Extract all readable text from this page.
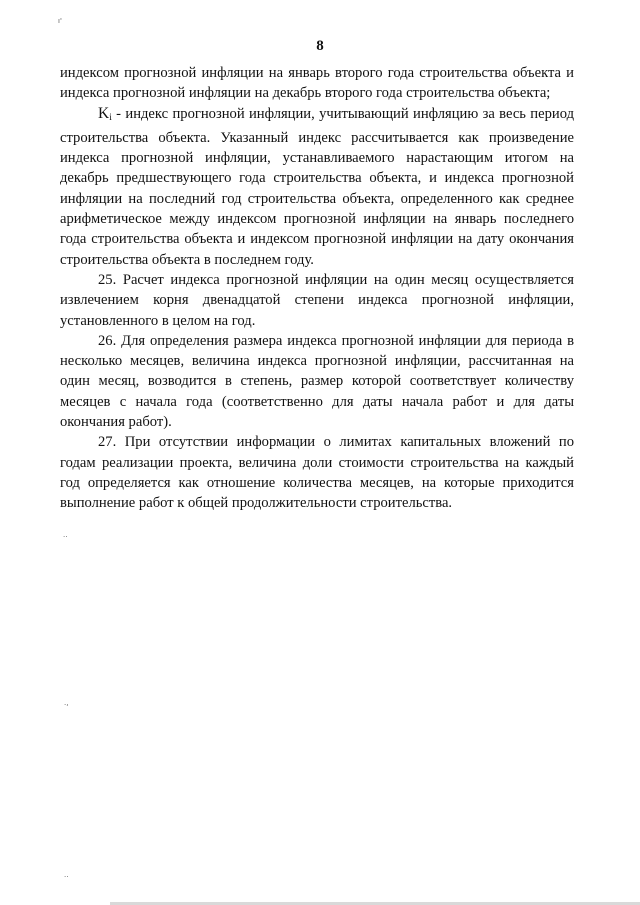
ı'
..
.,
..
8

индексом прогнозной инфляции на январь второго года строительства объекта и индекса прогнозной инфляции на декабрь второго года строительства объекта;

Ki - индекс прогнозной инфляции, учитывающий инфляцию за весь период строительства объекта. Указанный индекс рассчитывается как произведение индекса прогнозной инфляции, устанавливаемого нарастающим итогом на декабрь предшествующего года строительства объекта, и индекса прогнозной инфляции на последний год строительства объекта, определенного как среднее арифметическое между индексом прогнозной инфляции на январь последнего года строительства объекта и индексом прогнозной инфляции на дату окончания строительства объекта в последнем году.

25. Расчет индекса прогнозной инфляции на один месяц осуществляется извлечением корня двенадцатой степени индекса прогнозной инфляции, установленного в целом на год.

26. Для определения размера индекса прогнозной инфляции для периода в несколько месяцев, величина индекса прогнозной инфляции, рассчитанная на один месяц, возводится в степень, размер которой соответствует количеству месяцев с начала года (соответственно для даты начала работ и для даты окончания работ).

27. При отсутствии информации о лимитах капитальных вложений по годам реализации проекта, величина доли стоимости строительства на каждый год определяется как отношение количества месяцев, на которые приходится выполнение работ к общей продолжительности строительства.
